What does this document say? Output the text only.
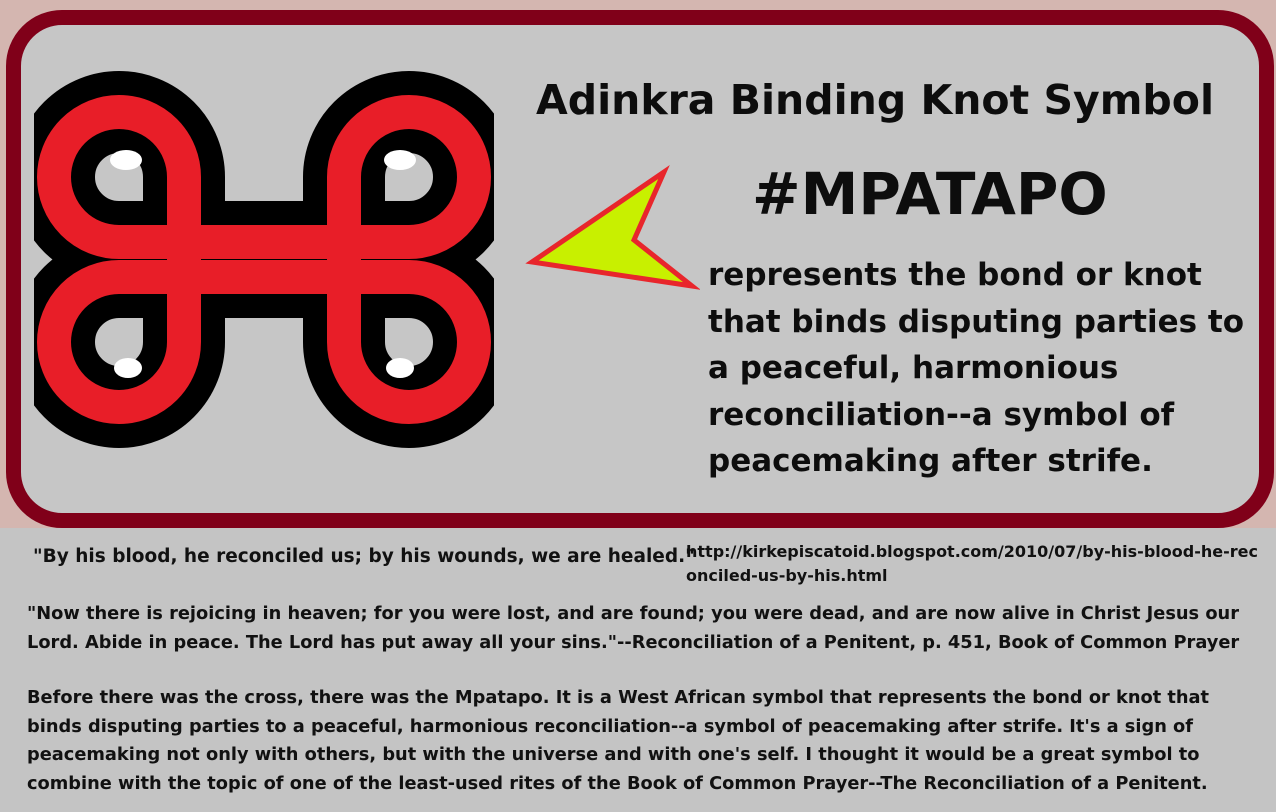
Adinkra Binding Knot Symbol
#MPATAPO
represents the bond or knot that binds disputing parties to a peaceful, harmonious reconciliation--a symbol of peacemaking after strife.
"By his blood, he reconciled us; by his wounds, we are healed."
http://kirkepiscatoid.blogspot.com/2010/07/by-his-blood-he-reconciled-us-by-his.html
"Now there is rejoicing in heaven; for you were lost, and are found; you were dead, and are now alive in Christ Jesus our Lord. Abide in peace. The Lord has put away all your sins."--Reconciliation of a Penitent, p. 451, Book of Common Prayer
Before there was the cross, there was the Mpatapo. It is a West African symbol that represents the bond or knot that binds disputing parties to a peaceful, harmonious reconciliation--a symbol of peacemaking after strife. It's a sign of peacemaking not only with others, but with the universe and with one's self. I thought it would be a great symbol to combine with the topic of one of the least-used rites of the Book of Common Prayer--The Reconciliation of a Penitent.
